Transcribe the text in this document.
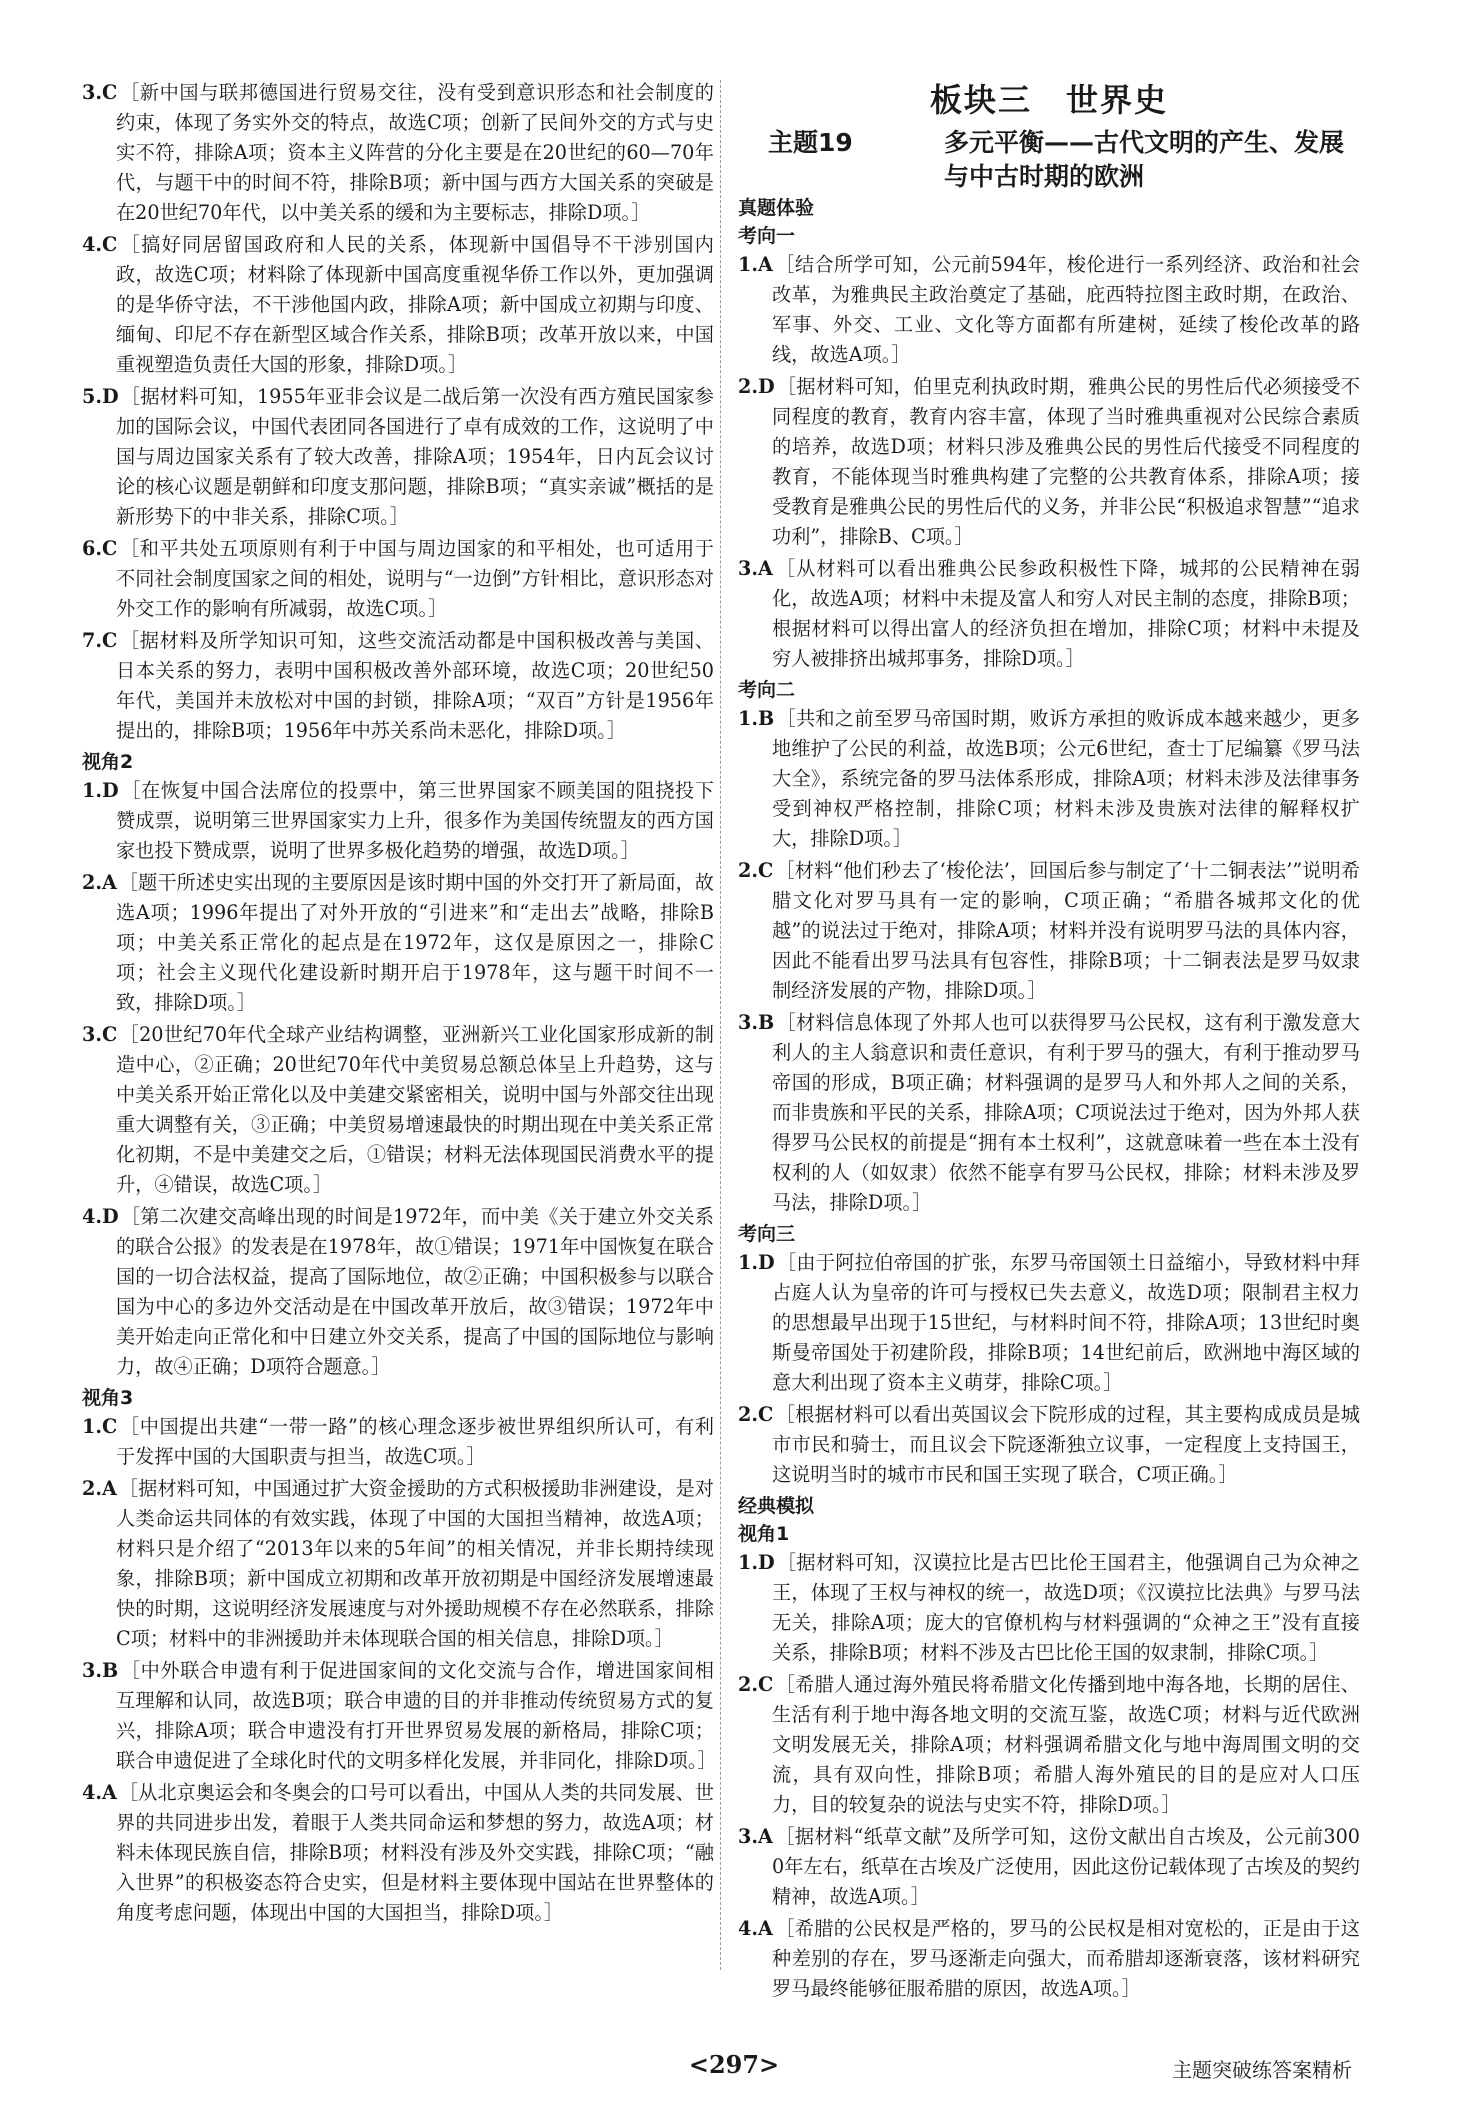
3.C ［新中国与联邦德国进行贸易交往，没有受到意识形态和社会制度的约束，体现了务实外交的特点，故选C项；创新了民间外交的方式与史实不符，排除A项；资本主义阵营的分化主要是在20世纪的60—70年代，与题干中的时间不符，排除B项；新中国与西方大国关系的突破是在20世纪70年代，以中美关系的缓和为主要标志，排除D项。］

4.C ［搞好同居留国政府和人民的关系，体现新中国倡导不干涉别国内政，故选C项；材料除了体现新中国高度重视华侨工作以外，更加强调的是华侨守法，不干涉他国内政，排除A项；新中国成立初期与印度、缅甸、印尼不存在新型区域合作关系，排除B项；改革开放以来，中国重视塑造负责任大国的形象，排除D项。］

5.D ［据材料可知，1955年亚非会议是二战后第一次没有西方殖民国家参加的国际会议，中国代表团同各国进行了卓有成效的工作，这说明了中国与周边国家关系有了较大改善，排除A项；1954年，日内瓦会议讨论的核心议题是朝鲜和印度支那问题，排除B项；“真实亲诚”概括的是新形势下的中非关系，排除C项。］

6.C ［和平共处五项原则有利于中国与周边国家的和平相处，也可适用于不同社会制度国家之间的相处，说明与“一边倒”方针相比，意识形态对外交工作的影响有所减弱，故选C项。］

7.C ［据材料及所学知识可知，这些交流活动都是中国积极改善与美国、日本关系的努力，表明中国积极改善外部环境，故选C项；20世纪50年代，美国并未放松对中国的封锁，排除A项；“双百”方针是1956年提出的，排除B项；1956年中苏关系尚未恶化，排除D项。］

视角2

1.D ［在恢复中国合法席位的投票中，第三世界国家不顾美国的阻挠投下赞成票，说明第三世界国家实力上升，很多作为美国传统盟友的西方国家也投下赞成票，说明了世界多极化趋势的增强，故选D项。］

2.A ［题干所述史实出现的主要原因是该时期中国的外交打开了新局面，故选A项；1996年提出了对外开放的“引进来”和“走出去”战略，排除B项；中美关系正常化的起点是在1972年，这仅是原因之一，排除C项；社会主义现代化建设新时期开启于1978年，这与题干时间不一致，排除D项。］

3.C ［20世纪70年代全球产业结构调整，亚洲新兴工业化国家形成新的制造中心，②正确；20世纪70年代中美贸易总额总体呈上升趋势，这与中美关系开始正常化以及中美建交紧密相关，说明中国与外部交往出现重大调整有关，③正确；中美贸易增速最快的时期出现在中美关系正常化初期，不是中美建交之后，①错误；材料无法体现国民消费水平的提升，④错误，故选C项。］

4.D ［第二次建交高峰出现的时间是1972年，而中美《关于建立外交关系的联合公报》的发表是在1978年，故①错误；1971年中国恢复在联合国的一切合法权益，提高了国际地位，故②正确；中国积极参与以联合国为中心的多边外交活动是在中国改革开放后，故③错误；1972年中美开始走向正常化和中日建立外交关系，提高了中国的国际地位与影响力，故④正确；D项符合题意。］

视角3

1.C ［中国提出共建“一带一路”的核心理念逐步被世界组织所认可，有利于发挥中国的大国职责与担当，故选C项。］

2.A ［据材料可知，中国通过扩大资金援助的方式积极援助非洲建设，是对人类命运共同体的有效实践，体现了中国的大国担当精神，故选A项；材料只是介绍了“2013年以来的5年间”的相关情况，并非长期持续现象，排除B项；新中国成立初期和改革开放初期是中国经济发展增速最快的时期，这说明经济发展速度与对外援助规模不存在必然联系，排除C项；材料中的非洲援助并未体现联合国的相关信息，排除D项。］

3.B ［中外联合申遗有利于促进国家间的文化交流与合作，增进国家间相互理解和认同，故选B项；联合申遗的目的并非推动传统贸易方式的复兴，排除A项；联合申遗没有打开世界贸易发展的新格局，排除C项；联合申遗促进了全球化时代的文明多样化发展，并非同化，排除D项。］

4.A ［从北京奥运会和冬奥会的口号可以看出，中国从人类的共同发展、世界的共同进步出发，着眼于人类共同命运和梦想的努力，故选A项；材料未体现民族自信，排除B项；材料没有涉及外交实践，排除C项；“融入世界”的积极姿态符合史实，但是材料主要体现中国站在世界整体的角度考虑问题，体现出中国的大国担当，排除D项。］

板块三　世界史

主题19	多元平衡——古代文明的产生、发展
与中古时期的欧洲

真题体验

考向一

1.A ［结合所学可知，公元前594年，梭伦进行一系列经济、政治和社会改革，为雅典民主政治奠定了基础，庇西特拉图主政时期，在政治、军事、外交、工业、文化等方面都有所建树，延续了梭伦改革的路线，故选A项。］

2.D ［据材料可知，伯里克利执政时期，雅典公民的男性后代必须接受不同程度的教育，教育内容丰富，体现了当时雅典重视对公民综合素质的培养，故选D项；材料只涉及雅典公民的男性后代接受不同程度的教育，不能体现当时雅典构建了完整的公共教育体系，排除A项；接受教育是雅典公民的男性后代的义务，并非公民“积极追求智慧”“追求功利”，排除B、C项。］

3.A ［从材料可以看出雅典公民参政积极性下降，城邦的公民精神在弱化，故选A项；材料中未提及富人和穷人对民主制的态度，排除B项；根据材料可以得出富人的经济负担在增加，排除C项；材料中未提及穷人被排挤出城邦事务，排除D项。］

考向二

1.B ［共和之前至罗马帝国时期，败诉方承担的败诉成本越来越少，更多地维护了公民的利益，故选B项；公元6世纪，查士丁尼编纂《罗马法大全》，系统完备的罗马法体系形成，排除A项；材料未涉及法律事务受到神权严格控制，排除C项；材料未涉及贵族对法律的解释权扩大，排除D项。］

2.C ［材料“他们秒去了‘梭伦法’，回国后参与制定了‘十二铜表法’”说明希腊文化对罗马具有一定的影响，C项正确；“希腊各城邦文化的优越”的说法过于绝对，排除A项；材料并没有说明罗马法的具体内容，因此不能看出罗马法具有包容性，排除B项；十二铜表法是罗马奴隶制经济发展的产物，排除D项。］

3.B ［材料信息体现了外邦人也可以获得罗马公民权，这有利于激发意大利人的主人翁意识和责任意识，有利于罗马的强大，有利于推动罗马帝国的形成，B项正确；材料强调的是罗马人和外邦人之间的关系，而非贵族和平民的关系，排除A项；C项说法过于绝对，因为外邦人获得罗马公民权的前提是“拥有本土权利”，这就意味着一些在本土没有权利的人（如奴隶）依然不能享有罗马公民权，排除；材料未涉及罗马法，排除D项。］

考向三

1.D ［由于阿拉伯帝国的扩张，东罗马帝国领土日益缩小，导致材料中拜占庭人认为皇帝的许可与授权已失去意义，故选D项；限制君主权力的思想最早出现于15世纪，与材料时间不符，排除A项；13世纪时奥斯曼帝国处于初建阶段，排除B项；14世纪前后，欧洲地中海区域的意大利出现了资本主义萌芽，排除C项。］

2.C ［根据材料可以看出英国议会下院形成的过程，其主要构成成员是城市市民和骑士，而且议会下院逐渐独立议事，一定程度上支持国王，这说明当时的城市市民和国王实现了联合，C项正确。］

经典模拟

视角1

1.D ［据材料可知，汉谟拉比是古巴比伦王国君主，他强调自己为众神之王，体现了王权与神权的统一，故选D项；《汉谟拉比法典》与罗马法无关，排除A项；庞大的官僚机构与材料强调的“众神之王”没有直接关系，排除B项；材料不涉及古巴比伦王国的奴隶制，排除C项。］

2.C ［希腊人通过海外殖民将希腊文化传播到地中海各地，长期的居住、生活有利于地中海各地文明的交流互鉴，故选C项；材料与近代欧洲文明发展无关，排除A项；材料强调希腊文化与地中海周围文明的交流，具有双向性，排除B项；希腊人海外殖民的目的是应对人口压力，目的较复杂的说法与史实不符，排除D项。］

3.A ［据材料“纸草文献”及所学可知，这份文献出自古埃及，公元前3000年左右，纸草在古埃及广泛使用，因此这份记载体现了古埃及的契约精神，故选A项。］

4.A ［希腊的公民权是严格的，罗马的公民权是相对宽松的，正是由于这种差别的存在，罗马逐渐走向强大，而希腊却逐渐衰落，该材料研究罗马最终能够征服希腊的原因，故选A项。］

<297>	主题突破练答案精析
